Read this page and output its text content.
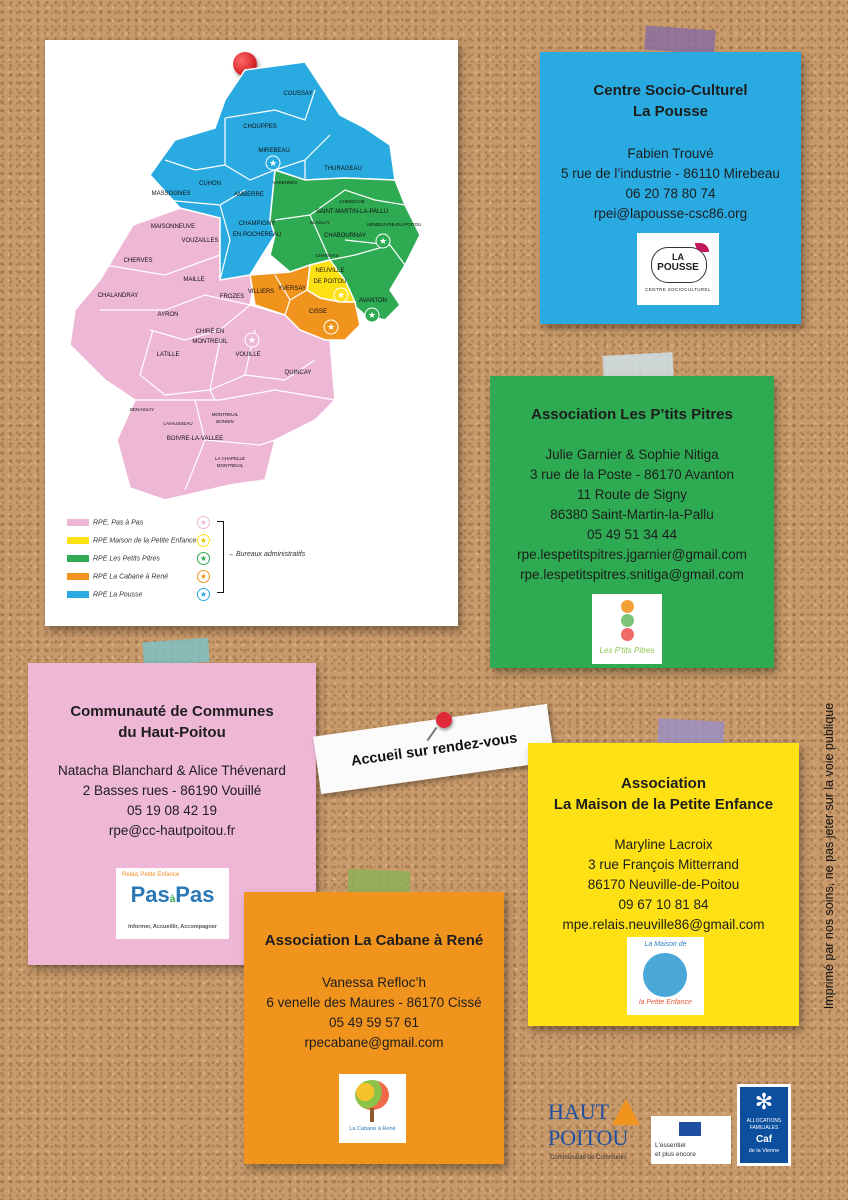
★
★
★
★
★
★
COUSSAY
CHOUPPES
MIREBEAU
CUHON
THURAGEAU
MASSOGNES
VARENNES
AMBERRE
CHENECHE
SAINT-MARTIN-LA-PALLU
MAISONNEUVE	CHAMPIGNY
EN ROCHEREAU
BLASLAY
CHABOURNAY
VENDEUVRE-DU-POITOU
VOUZAILLES
CHARRAIS
CHERVES
NEUVILLE
DE POITOU
MAILLE
YVERSAY
VILLIERS
CHALANDRAY	FROZES
AVANTON
CISSE
AYRON
CHIRÉ EN
MONTREUIL
LATILLE	VOUILLE
QUINCAY
BENASSAY
MONTREUIL
BONNIN
LAVAUSSEAU
BOIVRE-LA-VALLEE
LA CHAPELLE
MONTREUIL
RPE, Pas à Pas
RPE Maison de la Petite Enfance
RPE Les Petits Pitres
RPE La Cabane à René
RPE La Pousse
★
★
★
★
★
→ Bureaux administratifs
Centre Socio-Culturel
La Pousse

Fabien Trouvé

5 rue de l’industrie - 86110 Mirebeau

06 20 78 80 74

rpei@lapousse-csc86.org

LA
POUSSE
CENTRE SOCIOCULTUREL
Association Les P’tits Pitres

Julie Garnier & Sophie Nitiga

3 rue de la Poste - 86170 Avanton

11 Route de Signy

86380 Saint-Martin-la-Pallu

05 49 51 34 44

rpe.lespetitspitres.jgarnier@gmail.com

rpe.lespetitspitres.snitiga@gmail.com

Les P'tits Pitres
Communauté de Communes
du Haut-Poitou

Natacha Blanchard & Alice Thévenard

2 Basses rues - 86190 Vouillé

05 19 08 42 19

rpe@cc-hautpoitou.fr

Relais Petite Enfance
PasàPas
Informer, Accueillir, Accompagner
Accueil sur rendez-vous
Association
La Maison de la Petite Enfance

Maryline Lacroix

3 rue François Mitterrand

86170 Neuville-de-Poitou

09 67 10 81 84

mpe.relais.neuville86@gmail.com

La Maison de
la Petite Enfance
Association La Cabane à René

Vanessa Refloc’h

6 venelle des Maures - 86170 Cissé

05 49 59 57 61

rpecabane@gmail.com

La Cabane à René
HAUT
POITOU
Communauté de Communes
L'essentiel
et plus encore
✻
ALLOCATIONS
FAMILIALES
Caf
de la Vienne
Imprimé par nos soins, ne pas jeter sur la voie publique
